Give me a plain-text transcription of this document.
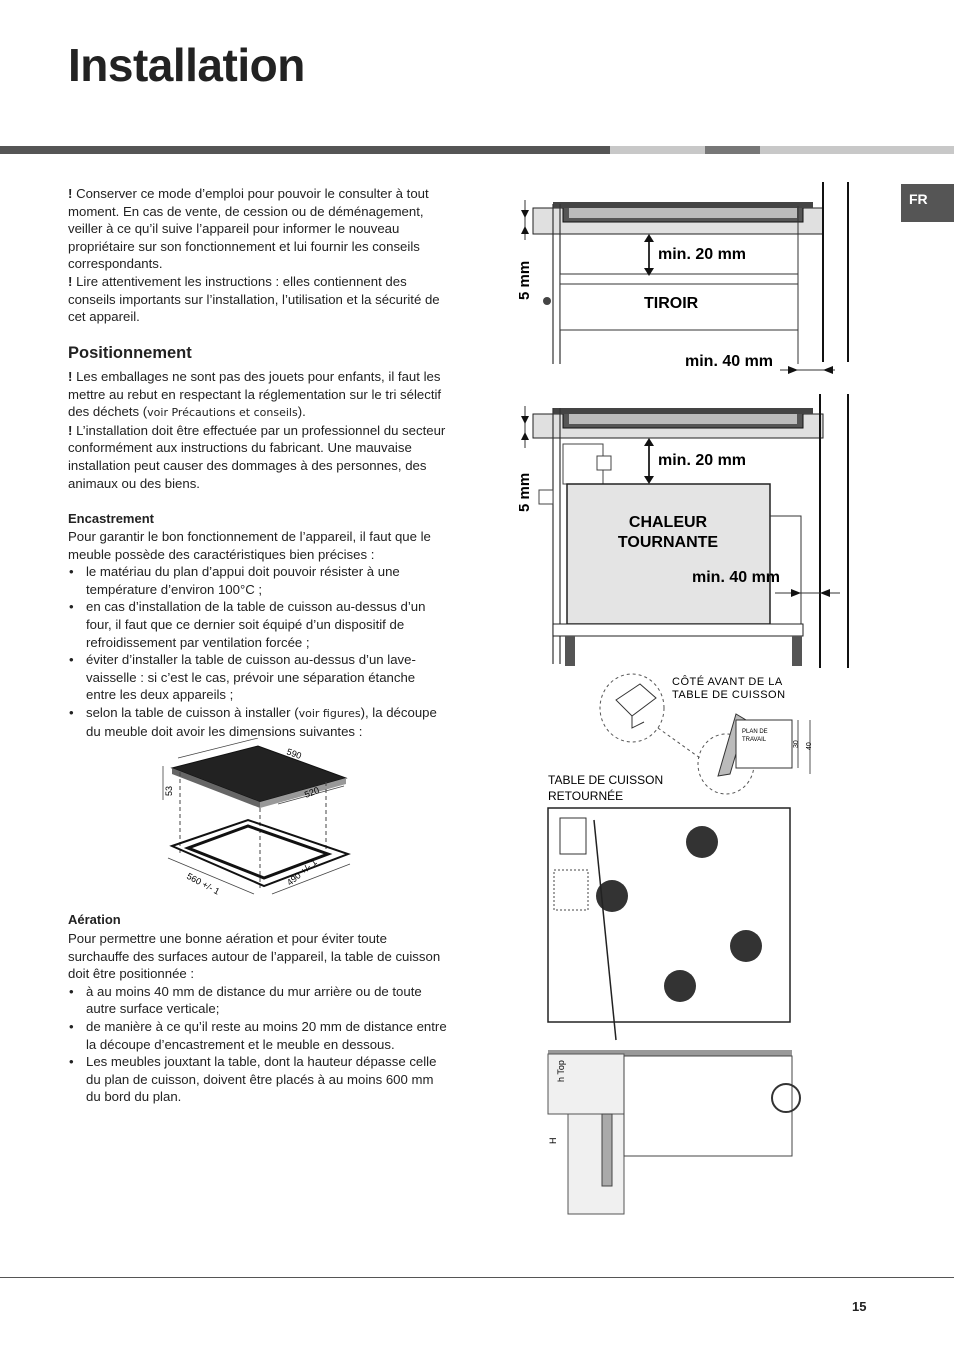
Installation
FR

! Conserver ce mode d’emploi pour pouvoir le consulter à tout moment. En cas de vente, de cession ou de déménagement, veiller à ce qu’il suive l’appareil pour informer le nouveau propriétaire sur son fonctionnement et lui fournir les conseils correspondants.

! Lire attentivement les instructions : elles contiennent des conseils importants sur l’installation, l’utilisation et la sécurité de cet appareil.

Positionnement

! Les emballages ne sont pas des jouets pour enfants, il faut les mettre au rebut en respectant la réglementation sur le tri sélectif des déchets (voir Précautions et conseils).

! L’installation doit être effectuée par un professionnel du secteur conformément aux instructions du fabricant. Une mauvaise installation peut causer des dommages à des personnes, des animaux ou des biens.

Encastrement

Pour garantir le bon fonctionnement de l’appareil, il faut que le meuble possède des caractéristiques bien précises :

• le matériau du plan d’appui doit pouvoir résister à une température d’environ 100°C ;
• en cas d’installation de la table de cuisson au-dessus d’un four, il faut que ce dernier soit équipé d’un dispositif de refroidissement par ventilation forcée ;
• éviter d’installer la table de cuisson au-dessus d’un lave-vaisselle : si c’est le cas, prévoir une séparation étanche entre les deux appareils ;
• selon la table de cuisson à installer (voir figures), la découpe du meuble doit avoir les dimensions suivantes :
590
520
53
560 +/- 1	490 +/- 1
Aération

Pour permettre une bonne aération et pour éviter toute surchauffe des surfaces autour de l’appareil, la table de cuisson doit être positionnée :

• à au moins 40 mm de distance du mur arrière ou de toute autre surface verticale;
• de manière à ce qu’il reste au moins 20 mm de distance entre la découpe d’encastrement et le meuble en dessous.
• Les meubles jouxtant la table, dont la hauteur dépasse celle du plan de cuisson, doivent être placés à au moins 600 mm du bord du plan.
5 mm
min. 20 mm
TIROIR
min. 40 mm
5 mm
min. 20 mm
CHALEUR
TOURNANTE
min. 40 mm
CÔTÉ AVANT DE LA
TABLE DE CUISSON
PLAN DE
TRAVAIL
30 40
TABLE DE CUISSON
RETOURNÉE
h Top
H
15
